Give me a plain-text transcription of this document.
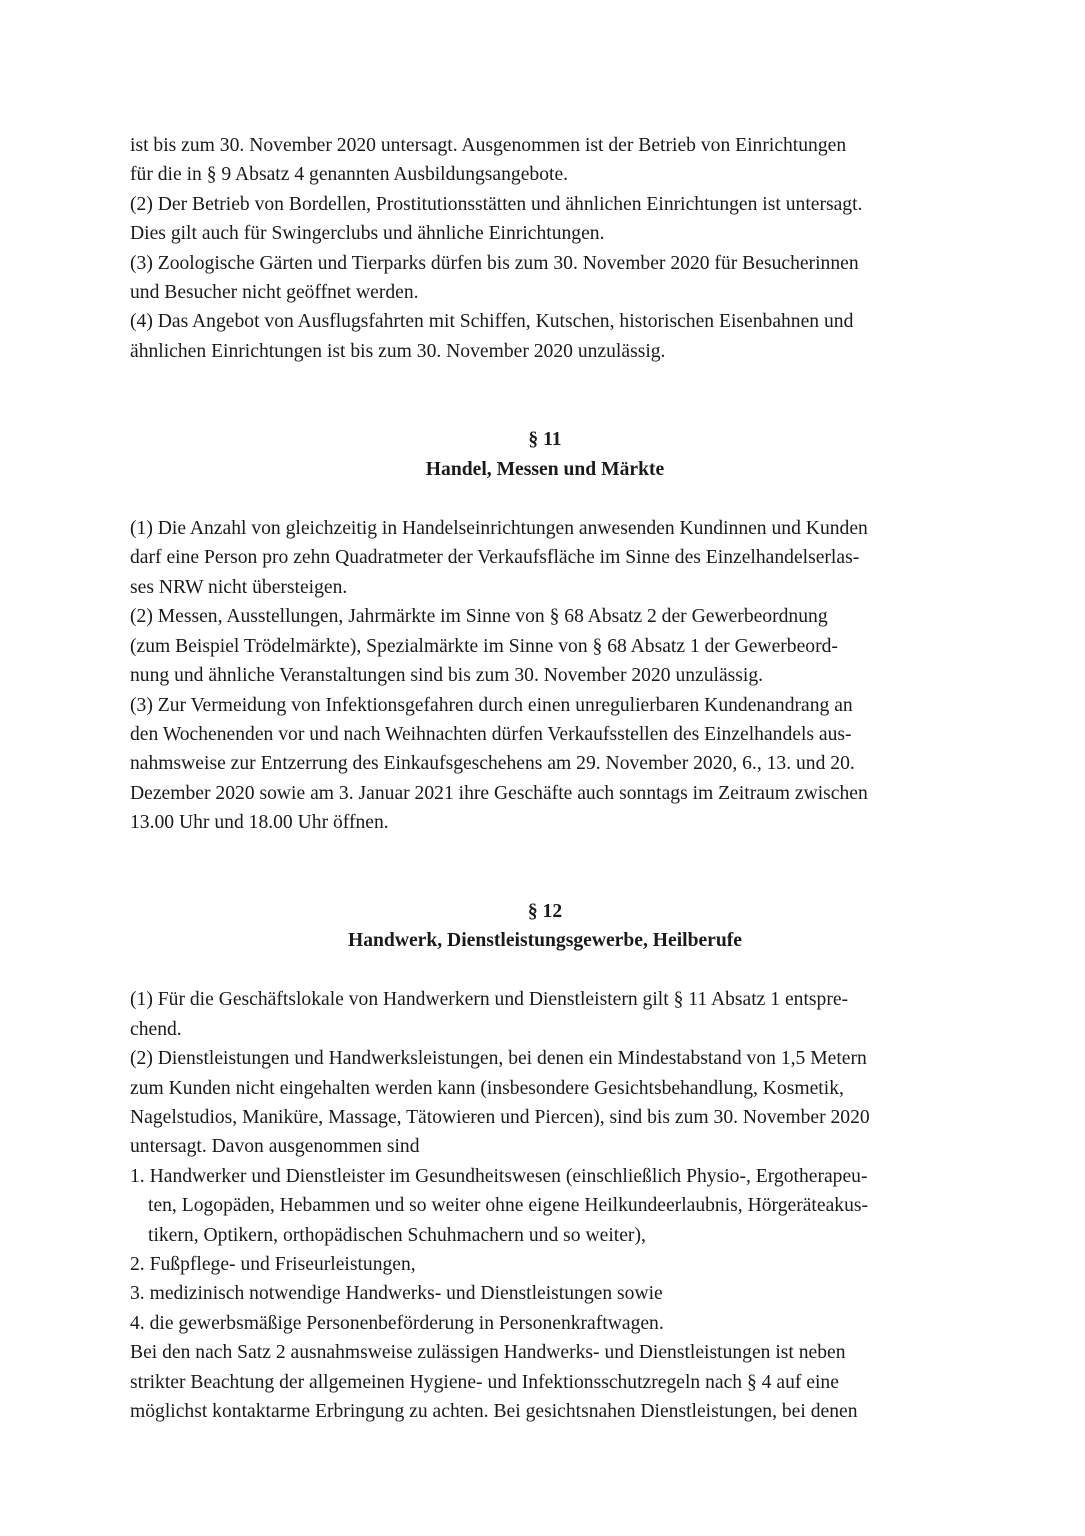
ist bis zum 30. November 2020 untersagt. Ausgenommen ist der Betrieb von Einrichtungen
für die in § 9 Absatz 4 genannten Ausbildungsangebote.
(2) Der Betrieb von Bordellen, Prostitutionsstätten und ähnlichen Einrichtungen ist untersagt.
Dies gilt auch für Swingerclubs und ähnliche Einrichtungen.
(3) Zoologische Gärten und Tierparks dürfen bis zum 30. November 2020 für Besucherinnen
und Besucher nicht geöffnet werden.
(4) Das Angebot von Ausflugsfahrten mit Schiffen, Kutschen, historischen Eisenbahnen und
ähnlichen Einrichtungen ist bis zum 30. November 2020 unzulässig.
§ 11
Handel, Messen und Märkte
(1) Die Anzahl von gleichzeitig in Handelseinrichtungen anwesenden Kundinnen und Kunden
darf eine Person pro zehn Quadratmeter der Verkaufsfläche im Sinne des Einzelhandelserlas-
ses NRW nicht übersteigen.
(2) Messen, Ausstellungen, Jahrmärkte im Sinne von § 68 Absatz 2 der Gewerbeordnung
(zum Beispiel Trödelmärkte), Spezialmärkte im Sinne von § 68 Absatz 1 der Gewerbeord-
nung und ähnliche Veranstaltungen sind bis zum 30. November 2020 unzulässig.
(3) Zur Vermeidung von Infektionsgefahren durch einen unregulierbaren Kundenandrang an
den Wochenenden vor und nach Weihnachten dürfen Verkaufsstellen des Einzelhandels aus-
nahmsweise zur Entzerrung des Einkaufsgeschehens am 29. November 2020, 6., 13. und 20.
Dezember 2020 sowie am 3. Januar 2021 ihre Geschäfte auch sonntags im Zeitraum zwischen
13.00 Uhr und 18.00 Uhr öffnen.
§ 12
Handwerk, Dienstleistungsgewerbe, Heilberufe
(1) Für die Geschäftslokale von Handwerkern und Dienstleistern gilt § 11 Absatz 1 entspre-
chend.
(2) Dienstleistungen und Handwerksleistungen, bei denen ein Mindestabstand von 1,5 Metern
zum Kunden nicht eingehalten werden kann (insbesondere Gesichtsbehandlung, Kosmetik,
Nagelstudios, Maniküre, Massage, Tätowieren und Piercen), sind bis zum 30. November 2020
untersagt. Davon ausgenommen sind
1. Handwerker und Dienstleister im Gesundheitswesen (einschließlich Physio-, Ergotherapeu-
ten, Logopäden, Hebammen und so weiter ohne eigene Heilkundeerlaubnis, Hörgeräteakus-
tikern, Optikern, orthopädischen Schuhmachern und so weiter),
2. Fußpflege- und Friseurleistungen,
3. medizinisch notwendige Handwerks- und Dienstleistungen sowie
4. die gewerbsmäßige Personenbeförderung in Personenkraftwagen.
Bei den nach Satz 2 ausnahmsweise zulässigen Handwerks- und Dienstleistungen ist neben
strikter Beachtung der allgemeinen Hygiene- und Infektionsschutzregeln nach § 4 auf eine
möglichst kontaktarme Erbringung zu achten. Bei gesichtsnahen Dienstleistungen, bei denen
